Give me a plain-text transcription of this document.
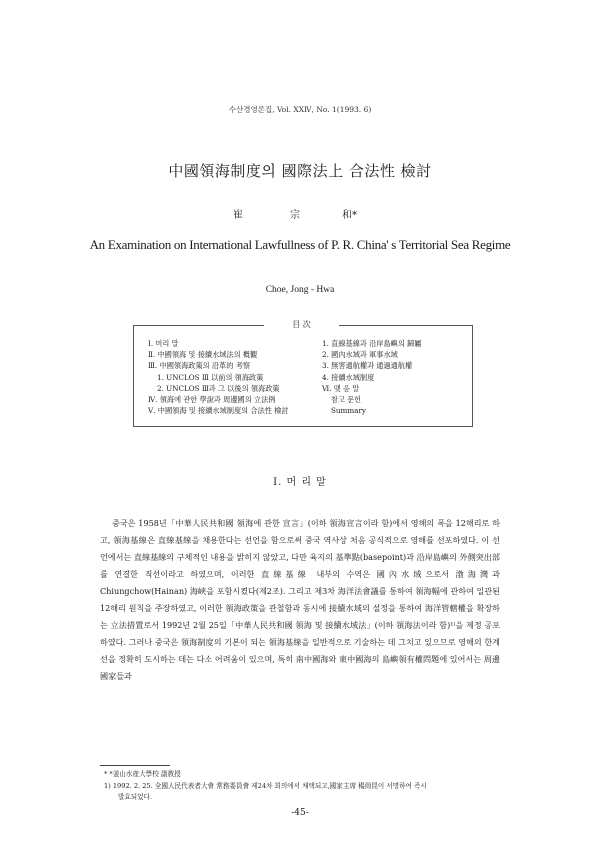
수산경영론집, Vol. ⅩⅩⅣ, No. 1(1993. 6)
中國領海制度의 國際法上 合法性 檢討
崔	宗	和*
An Examination on International Lawfullness of P. R. China' s Territorial Sea Regime
Choe, Jong - Hwa
目 次
Ⅰ. 머리 말
Ⅱ. 中國領海 및 接續水域法의 槪觀
Ⅲ. 中國領海政策의 沿革的 考察
1. UNCLOS Ⅲ 以前의 領海政策
2. UNCLOS Ⅲ과 그 以後의 領海政策
Ⅳ. 領海에 관한 學說과 周邊國의 立法例
Ⅴ. 中國領海 및 接續水域制度의 合法性 檢討
1. 直線基線과 沿岸島嶼의 歸屬
2. 國內水域과 軍事水域
3. 無害通航權과 通過通航權
4. 接續水域制度
Ⅵ. 맺 음 말
참고 문헌
Summary
Ⅰ. 머 리 말
중국은 1958년「中華人民共和國 領海에 관한 宣言」(이하 領海宣言이라 함)에서 영해의 폭을 12해리로 하고, 領海基線은 直線基線을 채용한다는 선언을 함으로써 중국 역사상 처음 공식적으로 영해를 선포하였다. 이 선언에서는 直線基線의 구체적인 내용을 밝히지 않았고, 다만 육지의 基準點(basepoint)과 沿岸島嶼의 外側突出部를 연결한 직선이라고 하였으며, 이러한 直線基線 내부의 수역은 國內水域으로서 渤海灣과 Chiungchow(Hainan) 海峽을 포함시켰다(제2조). 그리고 제3차 海洋法會議를 통하여 領海幅에 관하여 일관된 12해리 원칙을 주장하였고, 이러한 領海政策을 관철함과 동시에 接續水域의 설정을 통하여 海洋管轄權을 확장하는 立法措置로서 1992년 2월 25일「中華人民共和國 領海 및 接續水域法」(이하 領海法이라 함)¹⁾을 제정 공포하였다. 그러나 중국은 領海制度의 기본이 되는 領海基線을 일반적으로 기술하는 데 그치고 있으므로 영해의 한계선을 정확히 도시하는 데는 다소 어려움이 있으며, 특히 南中國海와 東中國海의 島嶼領有權問題에 있어서는 周邊國家들과
* *釜山水産大學校 副敎授
1) 1992. 2. 25. 全國人民代表者大會 常務委員會 제24차 회의에서 채택되고,國家主席 楊尙昆이 서명하여 즉시
발효되었다.
-45-
